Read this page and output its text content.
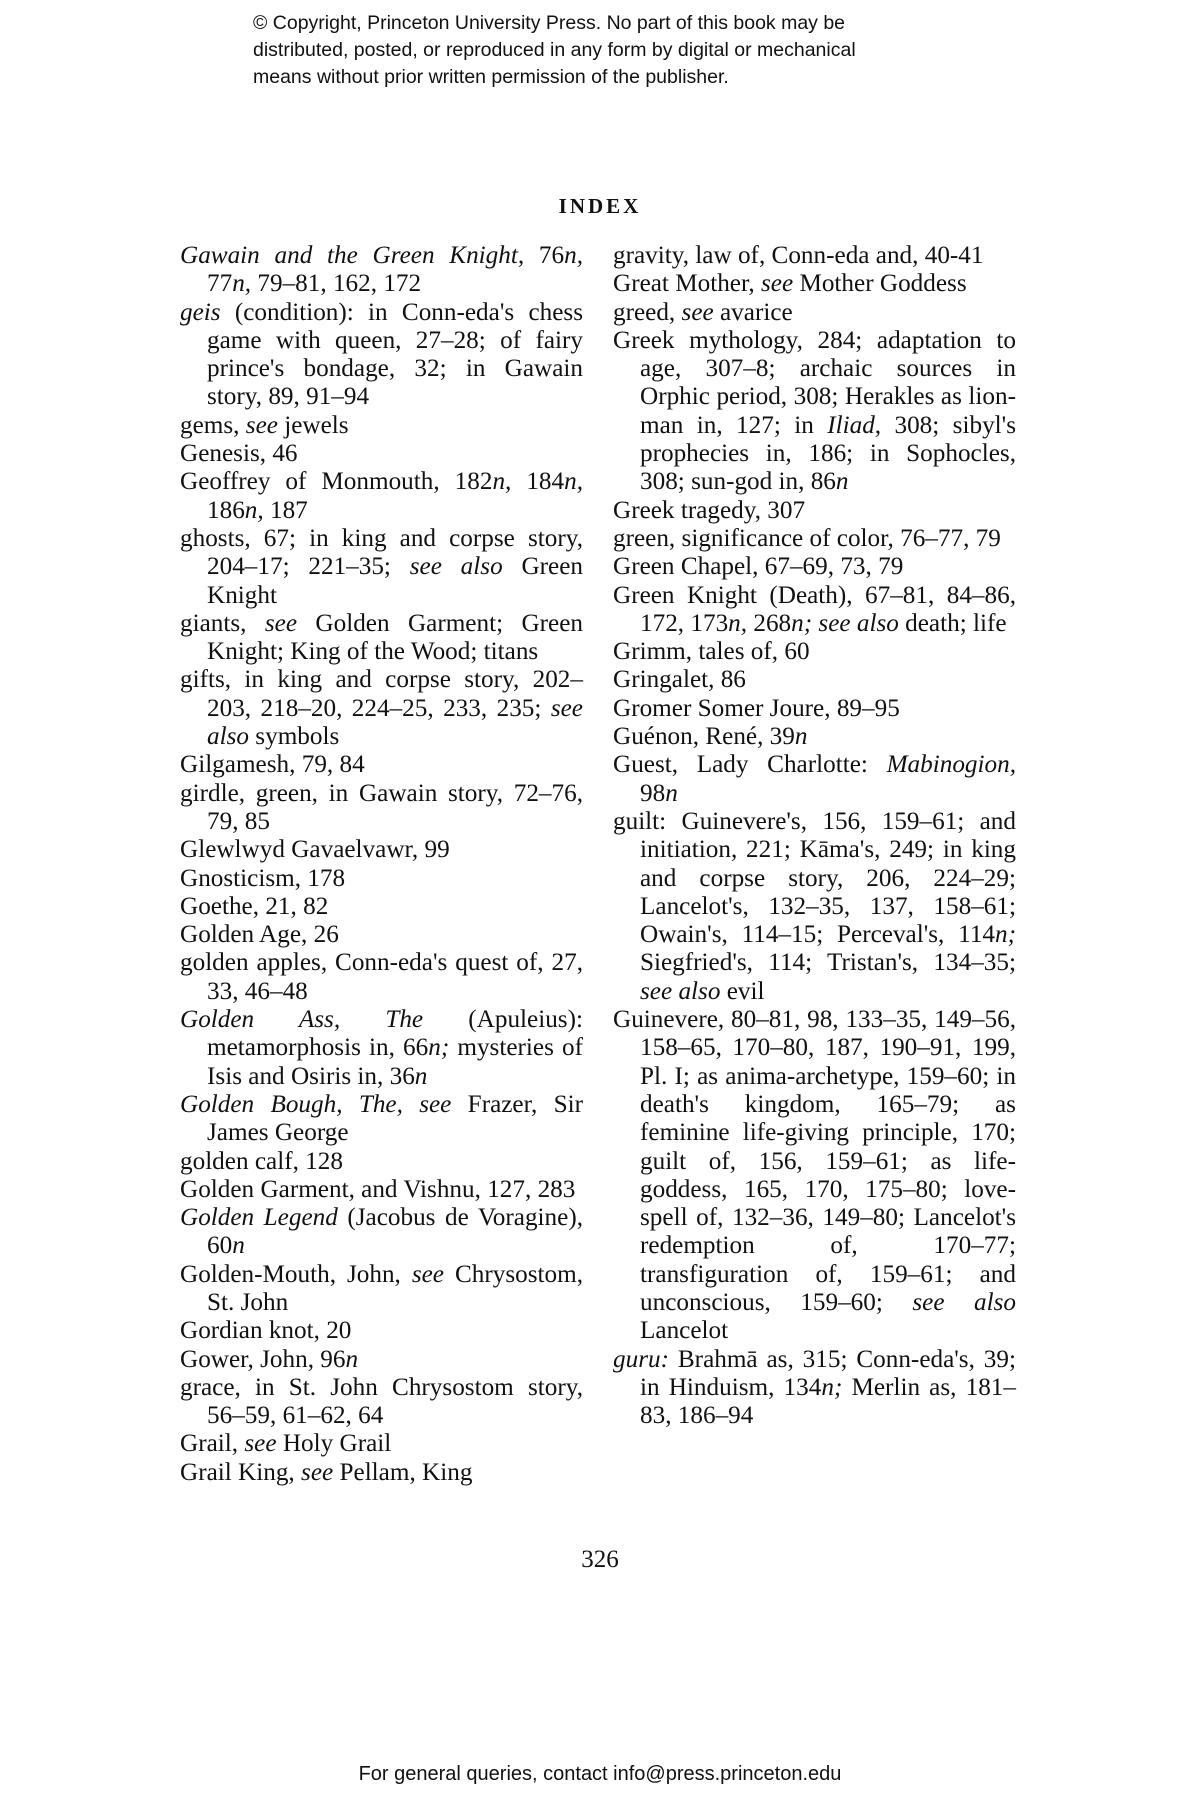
© Copyright, Princeton University Press. No part of this book may be
distributed, posted, or reproduced in any form by digital or mechanical
means without prior written permission of the publisher.
INDEX
Gawain and the Green Knight, 76n, 77n, 79–81, 162, 172
geis (condition): in Conn-eda's chess game with queen, 27–28; of fairy prince's bondage, 32; in Gawain story, 89, 91–94
gems, see jewels
Genesis, 46
Geoffrey of Monmouth, 182n, 184n, 186n, 187
ghosts, 67; in king and corpse story, 204–17; 221–35; see also Green Knight
giants, see Golden Garment; Green Knight; King of the Wood; titans
gifts, in king and corpse story, 202–203, 218–20, 224–25, 233, 235; see also symbols
Gilgamesh, 79, 84
girdle, green, in Gawain story, 72–76, 79, 85
Glewlwyd Gavaelvawr, 99
Gnosticism, 178
Goethe, 21, 82
Golden Age, 26
golden apples, Conn-eda's quest of, 27, 33, 46–48
Golden Ass, The (Apuleius): metamorphosis in, 66n; mysteries of Isis and Osiris in, 36n
Golden Bough, The, see Frazer, Sir James George
golden calf, 128
Golden Garment, and Vishnu, 127, 283
Golden Legend (Jacobus de Voragine), 60n
Golden-Mouth, John, see Chrysostom, St. John
Gordian knot, 20
Gower, John, 96n
grace, in St. John Chrysostom story, 56–59, 61–62, 64
Grail, see Holy Grail
Grail King, see Pellam, King
gravity, law of, Conn-eda and, 40-41
Great Mother, see Mother Goddess
greed, see avarice
Greek mythology, 284; adaptation to age, 307–8; archaic sources in Orphic period, 308; Herakles as lion-man in, 127; in Iliad, 308; sibyl's prophecies in, 186; in Sophocles, 308; sun-god in, 86n
Greek tragedy, 307
green, significance of color, 76–77, 79
Green Chapel, 67–69, 73, 79
Green Knight (Death), 67–81, 84–86, 172, 173n, 268n; see also death; life
Grimm, tales of, 60
Gringalet, 86
Gromer Somer Joure, 89–95
Guénon, René, 39n
Guest, Lady Charlotte: Mabinogion, 98n
guilt: Guinevere's, 156, 159–61; and initiation, 221; Kāma's, 249; in king and corpse story, 206, 224–29; Lancelot's, 132–35, 137, 158–61; Owain's, 114–15; Perceval's, 114n; Siegfried's, 114; Tristan's, 134–35; see also evil
Guinevere, 80–81, 98, 133–35, 149–56, 158–65, 170–80, 187, 190–91, 199, Pl. I; as anima-archetype, 159–60; in death's kingdom, 165–79; as feminine life-giving principle, 170; guilt of, 156, 159–61; as life-goddess, 165, 170, 175–80; love-spell of, 132–36, 149–80; Lancelot's redemption of, 170–77; transfiguration of, 159–61; and unconscious, 159–60; see also Lancelot
guru: Brahmā as, 315; Conn-eda's, 39; in Hinduism, 134n; Merlin as, 181–83, 186–94
326
For general queries, contact info@press.princeton.edu
